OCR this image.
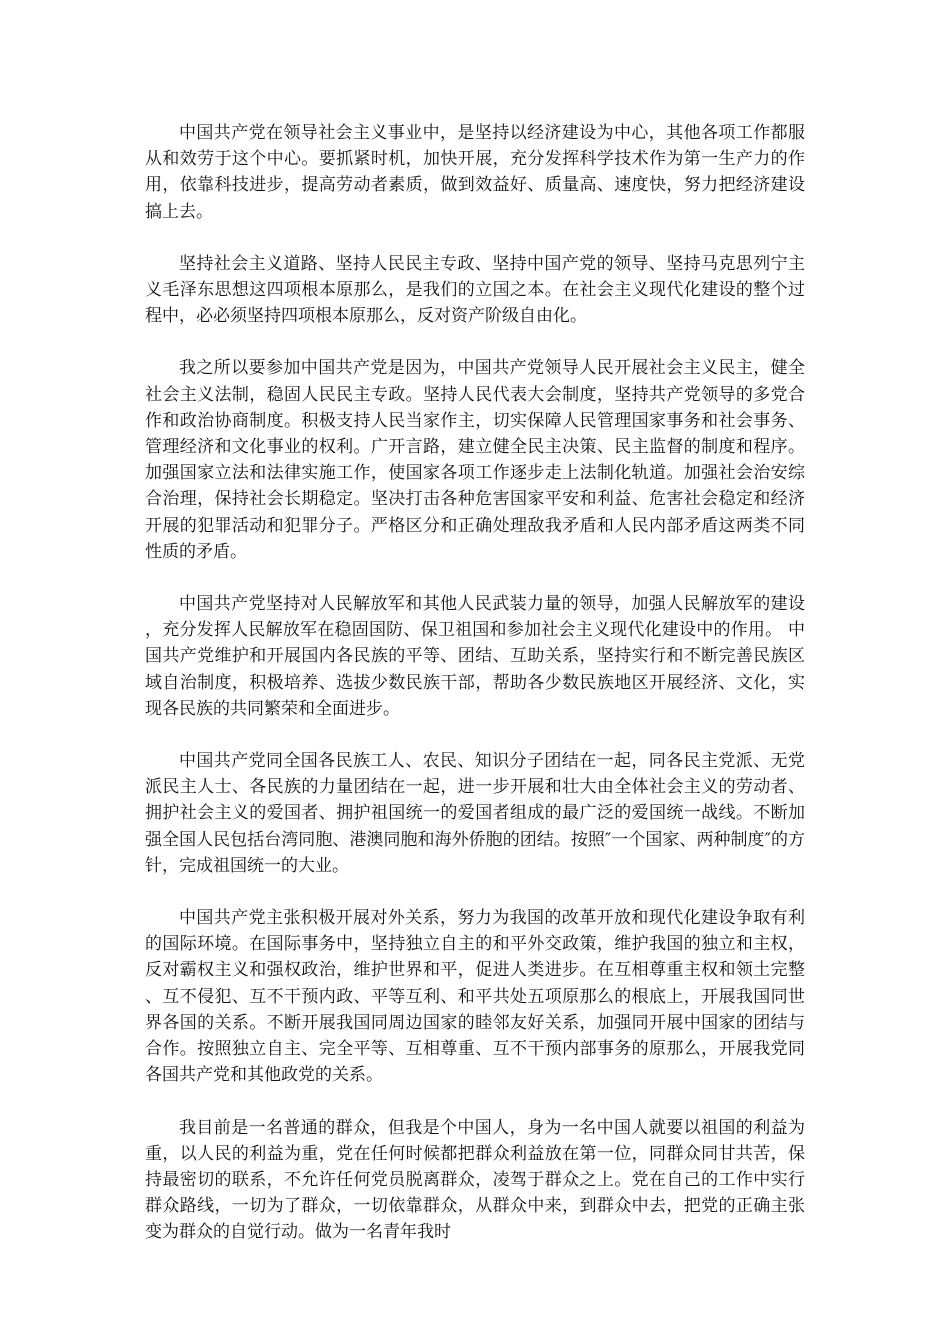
中国共产党在领导社会主义事业中，是坚持以经济建设为中心，其他各项工作都服从和效劳于这个中心。要抓紧时机，加快开展，充分发挥科学技术作为第一生产力的作用，依靠科技进步，提高劳动者素质，做到效益好、质量高、速度快，努力把经济建设搞上去。

坚持社会主义道路、坚持人民民主专政、坚持中国产党的领导、坚持马克思列宁主义毛泽东思想这四项根本原那么，是我们的立国之本。在社会主义现代化建设的整个过程中，必必须坚持四项根本原那么，反对资产阶级自由化。

我之所以要参加中国共产党是因为，中国共产党领导人民开展社会主义民主，健全社会主义法制，稳固人民民主专政。坚持人民代表大会制度，坚持共产党领导的多党合作和政治协商制度。积极支持人民当家作主，切实保障人民管理国家事务和社会事务、管理经济和文化事业的权利。广开言路，建立健全民主决策、民主监督的制度和程序。加强国家立法和法律实施工作，使国家各项工作逐步走上法制化轨道。加强社会治安综合治理，保持社会长期稳定。坚决打击各种危害国家平安和利益、危害社会稳定和经济开展的犯罪活动和犯罪分子。严格区分和正确处理敌我矛盾和人民内部矛盾这两类不同性质的矛盾。

中国共产党坚持对人民解放军和其他人民武装力量的领导，加强人民解放军的建设，充分发挥人民解放军在稳固国防、保卫祖国和参加社会主义现代化建设中的作用。 中国共产党维护和开展国内各民族的平等、团结、互助关系，坚持实行和不断完善民族区域自治制度，积极培养、选拔少数民族干部，帮助各少数民族地区开展经济、文化，实现各民族的共同繁荣和全面进步。

中国共产党同全国各民族工人、农民、知识分子团结在一起，同各民主党派、无党派民主人士、各民族的力量团结在一起，进一步开展和壮大由全体社会主义的劳动者、拥护社会主义的爱国者、拥护祖国统一的爱国者组成的最广泛的爱国统一战线。不断加强全国人民包括台湾同胞、港澳同胞和海外侨胞的团结。按照″一个国家、两种制度″的方针，完成祖国统一的大业。

中国共产党主张积极开展对外关系，努力为我国的改革开放和现代化建设争取有利的国际环境。在国际事务中，坚持独立自主的和平外交政策，维护我国的独立和主权，反对霸权主义和强权政治，维护世界和平，促进人类进步。在互相尊重主权和领土完整、互不侵犯、互不干预内政、平等互利、和平共处五项原那么的根底上，开展我国同世界各国的关系。不断开展我国同周边国家的睦邻友好关系，加强同开展中国家的团结与合作。按照独立自主、完全平等、互相尊重、互不干预内部事务的原那么，开展我党同各国共产党和其他政党的关系。

我目前是一名普通的群众，但我是个中国人，身为一名中国人就要以祖国的利益为重，以人民的利益为重，党在任何时候都把群众利益放在第一位，同群众同甘共苦，保持最密切的联系，不允许任何党员脱离群众，凌驾于群众之上。党在自己的工作中实行群众路线，一切为了群众，一切依靠群众，从群众中来，到群众中去，把党的正确主张变为群众的自觉行动。做为一名青年我时
